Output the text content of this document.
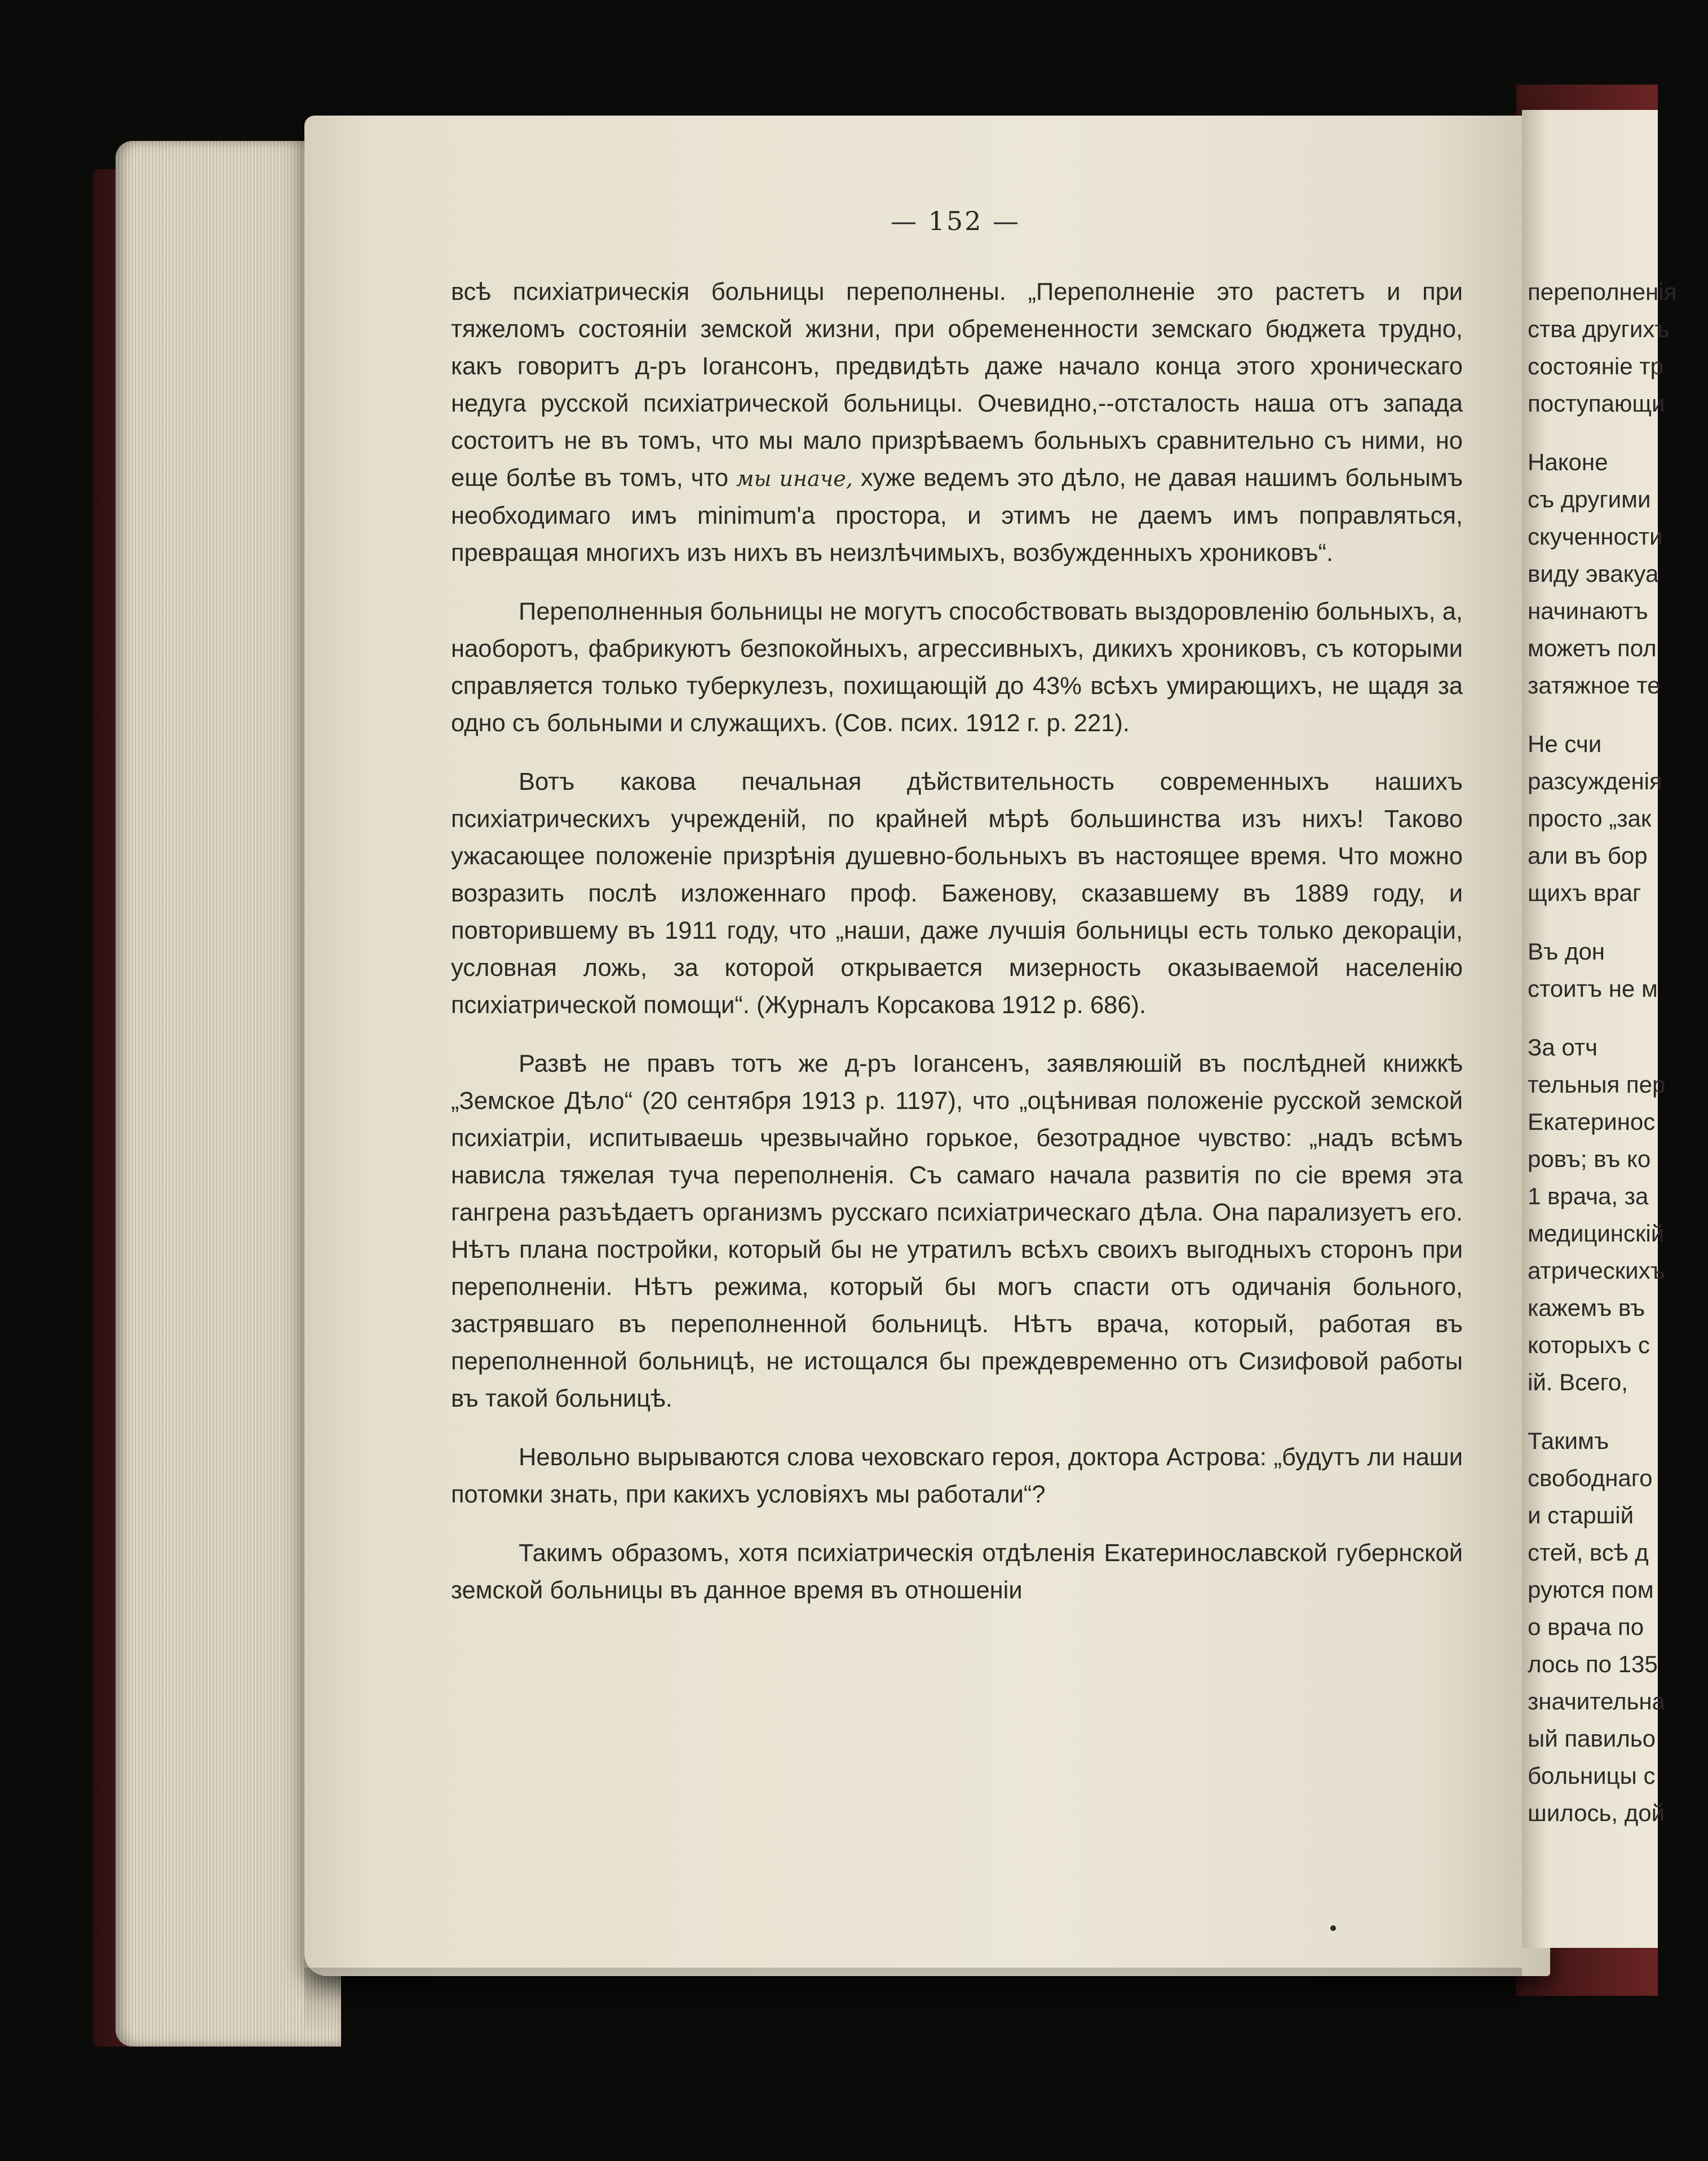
— 152 —

всѣ психіатрическія больницы переполнены. „Переполненіе это растетъ и при тяжеломъ состояніи земской жизни, при обремененности земскаго бюджета трудно, какъ говоритъ д-ръ Іогансонъ, предвидѣть даже начало конца этого хроническаго недуга русской психіатрической больницы. Очевидно,--отсталость наша отъ запада состоитъ не въ томъ, что мы мало призрѣваемъ больныхъ сравнительно съ ними, но еще болѣе въ томъ, что мы иначе, хуже ведемъ это дѣло, не давая нашимъ больнымъ необходимаго имъ minimum'а простора, и этимъ не даемъ имъ поправляться, превращая многихъ изъ нихъ въ неизлѣчимыхъ, возбужденныхъ хрониковъ“.

Переполненныя больницы не могутъ способствовать выздоровленію больныхъ, а, наоборотъ, фабрикуютъ безпокойныхъ, агрессивныхъ, дикихъ хрониковъ, съ которыми справляется только туберкулезъ, похищающій до 43% всѣхъ умирающихъ, не щадя за одно съ больными и служащихъ. (Сов. псих. 1912 г. р. 221).

Вотъ какова печальная дѣйствительность современныхъ нашихъ психіатрическихъ учрежденій, по крайней мѣрѣ большинства изъ нихъ! Таково ужасающее положеніе призрѣнія душевно-больныхъ въ настоящее время. Что можно возразить послѣ изложеннаго проф. Баженову, сказавшему въ 1889 году, и повторившему въ 1911 году, что „наши, даже лучшія больницы есть только декораціи, условная ложь, за которой открывается мизерность оказываемой населенію психіатрической помощи“. (Журналъ Корсакова 1912 р. 686).

Развѣ не правъ тотъ же д-ръ Іогансенъ, заявляюшій въ послѣдней книжкѣ „Земское Дѣло“ (20 сентября 1913 р. 1197), что „оцѣнивая положеніе русской земской психіатріи, испитываешь чрезвычайно горькое, безотрадное чувство: „надъ всѣмъ нависла тяжелая туча переполненія. Съ самаго начала развитія по сіе время эта гангрена разъѣдаетъ организмъ русскаго психіатрическаго дѣла. Она парализуетъ его. Нѣтъ плана постройки, который бы не утратилъ всѣхъ своихъ выгодныхъ сторонъ при переполненіи. Нѣтъ режима, который бы могъ спасти отъ одичанія больного, застрявшаго въ переполненной больницѣ. Нѣтъ врача, который, работая въ переполненной больницѣ, не истощался бы преждевременно отъ Сизифовой работы въ такой больницѣ.

Невольно вырываются слова чеховскаго героя, доктора Астрова: „будутъ ли наши потомки знать, при какихъ условіяхъ мы работали“?

Такимъ образомъ, хотя психіатрическія отдѣленія Екатеринославской губернской земской больницы въ данное время въ отношеніи

переполненія
ства другихъ
состояніе тр
поступающи
Наконе
съ другими
скученности
виду эвакуа
начинаютъ
можетъ пол
затяжное те
Не счи
разсужденія
просто „зак
али въ бор
щихъ враг
Въ дон
стоитъ не м
За отч
тельныя пер
Екатеринос
ровъ; въ ко
1 врача, за
медицинскій
атрическихъ
кажемъ въ
которыхъ с
ій. Всего,
Такимъ
свободнаго
и старшій
стей, всѣ д
руются пом
о врача по
лось по 135
значительна
ый павильо
больницы с
шилось, дой
